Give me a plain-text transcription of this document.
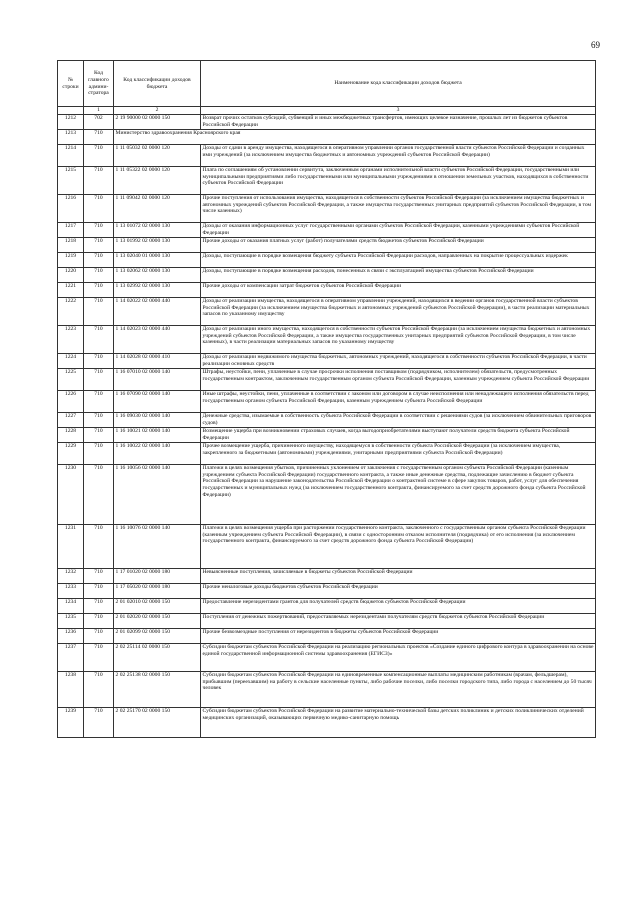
69
№ строки	Код главного админи-стратора	Код классификации доходов бюджета	Наименование кода классификации доходов бюджета
	1	2	3
1212	702	2 19 90000 02 0000 150	Возврат прочих остатков субсидий, субвенций и иных межбюджетных трансфертов, имеющих целевое назначение, прошлых лет из бюджетов субъектов Российской Федерации
1213	710	Министерство здравоохранения Красноярского края	
1214	710	1 11 05032 02 0000 120	Доходы от сдачи в аренду имущества, находящегося в оперативном управлении органов государственной власти субъектов Российской Федерации и созданных ими учреждений (за исключением имущества бюджетных и автономных учреждений субъектов Российской Федерации)
1215	710	1 11 05322 02 0000 120	Плата по соглашениям об установлении сервитута, заключенным органами исполнительной власти субъектов Российской Федерации, государственными или муниципальными предприятиями либо государственными или муниципальными учреждениями в отношении земельных участков, находящихся в собственности субъектов Российской Федерации
1216	710	1 11 09042 02 0000 120	Прочие поступления от использования имущества, находящегося в собственности субъектов Российской Федерации (за исключением имущества бюджетных и автономных учреждений субъектов Российской Федерации, а также имущества государственных унитарных предприятий субъектов Российской Федерации, в том числе казенных)
1217	710	1 13 01072 02 0000 130	Доходы от оказания информационных услуг государственными органами субъектов Российской Федерации, казенными учреждениями субъектов Российской Федерации
1218	710	1 13 01992 02 0000 130	Прочие доходы от оказания платных услуг (работ) получателями средств бюджетов субъектов Российской Федерации
1219	710	1 13 02040 01 0000 130	Доходы, поступающие в порядке возмещения бюджету субъекта Российской Федерации расходов, направленных на покрытие процессуальных издержек
1220	710	1 13 02062 02 0000 130	Доходы, поступающие в порядке возмещения расходов, понесенных в связи с эксплуатацией имущества субъектов Российской Федерации
1221	710	1 13 02992 02 0000 130	Прочие доходы от компенсации затрат бюджетов субъектов Российской Федерации
1222	710	1 14 02022 02 0000 440	Доходы от реализации имущества, находящегося в оперативном управлении учреждений, находящихся в ведении органов государственной власти субъектов Российской Федерации (за исключением имущества бюджетных и автономных учреждений субъектов Российской Федерации), в части реализации материальных запасов по указанному имуществу
1223	710	1 14 02023 02 0000 440	Доходы от реализации иного имущества, находящегося в собственности субъектов Российской Федерации (за исключением имущества бюджетных и автономных учреждений субъектов Российской Федерации, а также имущества государственных унитарных предприятий субъектов Российской Федерации, в том числе казенных), в части реализации материальных запасов по указанному имуществу
1224	710	1 14 02028 02 0000 410	Доходы от реализации недвижимого имущества бюджетных, автономных учреждений, находящегося в собственности субъектов Российской Федерации, в части реализации основных средств
1225	710	1 16 07010 02 0000 140	Штрафы, неустойки, пени, уплаченные в случае просрочки исполнения поставщиком (подрядчиком, исполнителем) обязательств, предусмотренных государственным контрактом, заключенным государственным органом субъекта Российской Федерации, казенным учреждением субъекта Российской Федерации
1226	710	1 16 07090 02 0000 140	Иные штрафы, неустойки, пени, уплаченные в соответствии с законом или договором в случае неисполнения или ненадлежащего исполнения обязательств перед государственным органом субъекта Российской Федерации, казенным учреждением субъекта Российской Федерации
1227	710	1 16 09030 02 0000 140	Денежные средства, изымаемые в собственность субъекта Российской Федерации в соответствии с решениями судов (за исключением обвинительных приговоров судов)
1228	710	1 16 10021 02 0000 140	Возмещение ущерба при возникновении страховых случаев, когда выгодоприобретателями выступают получатели средств бюджета субъекта Российской Федерации
1229	710	1 16 10022 02 0000 140	Прочее возмещение ущерба, причиненного имуществу, находящемуся в собственности субъекта Российской Федерации (за исключением имущества, закрепленного за бюджетными (автономными) учреждениями, унитарными предприятиями субъекта Российской Федерации)
1230	710	1 16 10056 02 0000 140	Платежи в целях возмещения убытков, причиненных уклонением от заключения с государственным органом субъекта Российской Федерации (казенным учреждением субъекта Российской Федерации) государственного контракта, а также иные денежные средства, подлежащие зачислению в бюджет субъекта Российской Федерации за нарушение законодательства Российской Федерации о контрактной системе в сфере закупок товаров, работ, услуг для обеспечения государственных и муниципальных нужд (за исключением государственного контракта, финансируемого за счет средств дорожного фонда субъекта Российской Федерации)
1231	710	1 16 10076 02 0000 140	Платежи в целях возмещения ущерба при расторжении государственного контракта, заключенного с государственным органом субъекта Российской Федерации (казенным учреждением субъекта Российской Федерации), в связи с односторонним отказом исполнителя (подрядчика) от его исполнения (за исключением государственного контракта, финансируемого за счет средств дорожного фонда субъекта Российской Федерации)
1232	710	1 17 01020 02 0000 180	Невыясненные поступления, зачисляемые в бюджеты субъектов Российской Федерации
1233	710	1 17 05020 02 0000 180	Прочие неналоговые доходы бюджетов субъектов Российской Федерации
1234	710	2 01 02010 02 0000 150	Предоставление нерезидентами грантов для получателей средств бюджетов субъектов Российской Федерации
1235	710	2 01 02020 02 0000 150	Поступления от денежных пожертвований, предоставляемых нерезидентами получателям средств бюджетов субъектов Российской Федерации
1236	710	2 01 02099 02 0000 150	Прочие безвозмездные поступления от нерезидентов в бюджеты субъектов Российской Федерации
1237	710	2 02 25114 02 0000 150	Субсидии бюджетам субъектов Российской Федерации на реализацию региональных проектов «Создание единого цифрового контура в здравоохранении на основе единой государственной информационной системы здравоохранения (ЕГИСЗ)»
1238	710	2 02 25138 02 0000 150	Субсидии бюджетам субъектов Российской Федерации на единовременные компенсационные выплаты медицинским работникам (врачам, фельдшерам), прибывшим (переехавшим) на работу в сельские населенные пункты, либо рабочие поселки, либо поселки городского типа, либо города с населением до 50 тысяч человек
1239	710	2 02 25170 02 0000 150	Субсидии бюджетам субъектов Российской Федерации на развитие материально-технической базы детских поликлиник и детских поликлинических отделений медицинских организаций, оказывающих первичную медико-санитарную помощь
